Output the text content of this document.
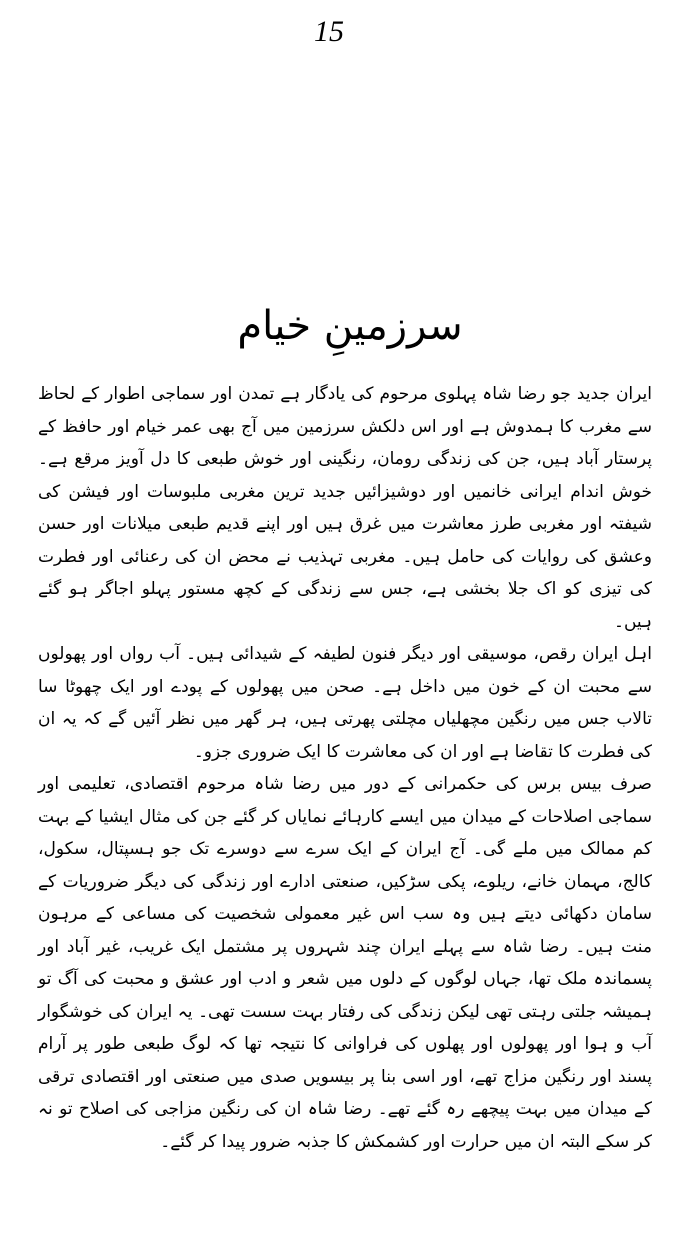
15
سرزمینِ خیام

ایران جدید جو رضا شاہ پہلوی مرحوم کی یادگار ہے تمدن اور سماجی اطوار کے لحاظ سے مغرب کا ہمدوش ہے اور اس دلکش سرزمین میں آج بھی عمر خیام اور حافظ کے پرستار آباد ہیں، جن کی زندگی رومان، رنگینی اور خوش طبعی کا دل آویز مرقع ہے۔ خوش اندام ایرانی خانمیں اور دوشیزائیں جدید ترین مغربی ملبوسات اور فیشن کی شیفتہ اور مغربی طرز معاشرت میں غرق ہیں اور اپنے قدیم طبعی میلانات اور حسن وعشق کی روایات کی حامل ہیں۔ مغربی تہذیب نے محض ان کی رعنائی اور فطرت کی تیزی کو اک جلا بخشی ہے، جس سے زندگی کے کچھ مستور پہلو اجاگر ہو گئے ہیں۔

اہل ایران رقص، موسیقی اور دیگر فنون لطیفہ کے شیدائی ہیں۔ آب رواں اور پھولوں سے محبت ان کے خون میں داخل ہے۔ صحن میں پھولوں کے پودے اور ایک چھوٹا سا تالاب جس میں رنگین مچھلیاں مچلتی پھرتی ہیں، ہر گھر میں نظر آئیں گے کہ یہ ان کی فطرت کا تقاضا ہے اور ان کی معاشرت کا ایک ضروری جزو۔

صرف بیس برس کی حکمرانی کے دور میں رضا شاہ مرحوم اقتصادی، تعلیمی اور سماجی اصلاحات کے میدان میں ایسے کارہائے نمایاں کر گئے جن کی مثال ایشیا کے بہت کم ممالک میں ملے گی۔ آج ایران کے ایک سرے سے دوسرے تک جو ہسپتال، سکول، کالج، مہمان خانے، ریلوے، پکی سڑکیں، صنعتی ادارے اور زندگی کی دیگر ضروریات کے سامان دکھائی دیتے ہیں وہ سب اس غیر معمولی شخصیت کی مساعی کے مرہون منت ہیں۔ رضا شاہ سے پہلے ایران چند شہروں پر مشتمل ایک غریب، غیر آباد اور پسماندہ ملک تھا، جہاں لوگوں کے دلوں میں شعر و ادب اور عشق و محبت کی آگ تو ہمیشہ جلتی رہتی تھی لیکن زندگی کی رفتار بہت سست تھی۔ یہ ایران کی خوشگوار آب و ہوا اور پھولوں اور پھلوں کی فراوانی کا نتیجہ تھا کہ لوگ طبعی طور پر آرام پسند اور رنگین مزاج تھے، اور اسی بنا پر بیسویں صدی میں صنعتی اور اقتصادی ترقی کے میدان میں بہت پیچھے رہ گئے تھے۔ رضا شاہ ان کی رنگین مزاجی کی اصلاح تو نہ کر سکے البتہ ان میں حرارت اور کشمکش کا جذبہ ضرور پیدا کر گئے۔
